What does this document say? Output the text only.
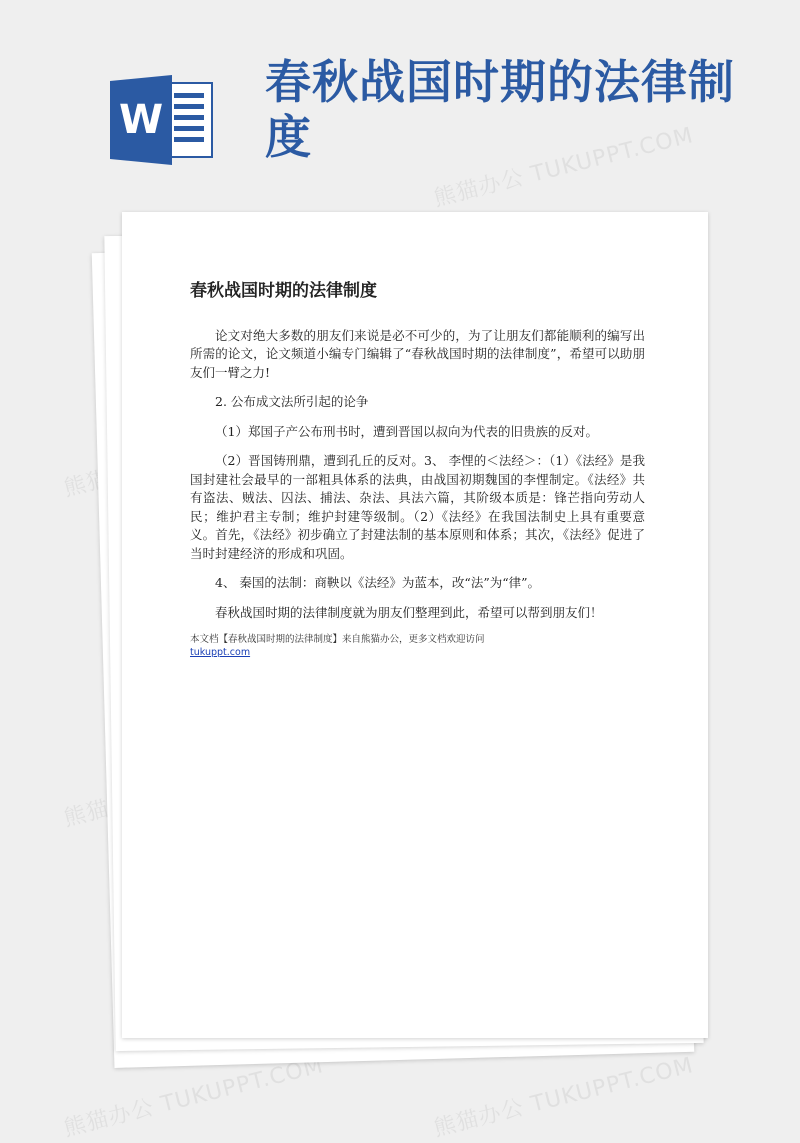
W
春秋战国时期的法律制度	熊猫办公 TUKUPPT.COM
熊猫办公 TUKUPPT.COM
熊猫办公 TUKUPPT.COM
春秋战国时期的法律制度
论文对绝大多数的朋友们来说是必不可少的，为了让朋友们都能顺利的编写出所需的论文，论文频道小编专门编辑了“春秋战国时期的法律制度”，希望可以助朋友们一臂之力!
2. 公布成文法所引起的论争
（1）郑国子产公布刑书时，遭到晋国以叔向为代表的旧贵族的反对。
（2）晋国铸刑鼎，遭到孔丘的反对。3、 李悝的＜法经＞：（1）《法经》是我国封建社会最早的一部粗具体系的法典，由战国初期魏国的李悝制定。《法经》共有盗法、贼法、囚法、捕法、杂法、具法六篇，其阶级本质是：锋芒指向劳动人民；维护君主专制；维护封建等级制。（2）《法经》在我国法制史上具有重要意义。首先，《法经》初步确立了封建法制的基本原则和体系；其次，《法经》促进了当时封建经济的形成和巩固。
4、 秦国的法制：商鞅以《法经》为蓝本，改“法”为“律”。
春秋战国时期的法律制度就为朋友们整理到此，希望可以帮到朋友们！
本文档【春秋战国时期的法律制度】来自熊猫办公，更多文档欢迎访问
tukuppt.com
